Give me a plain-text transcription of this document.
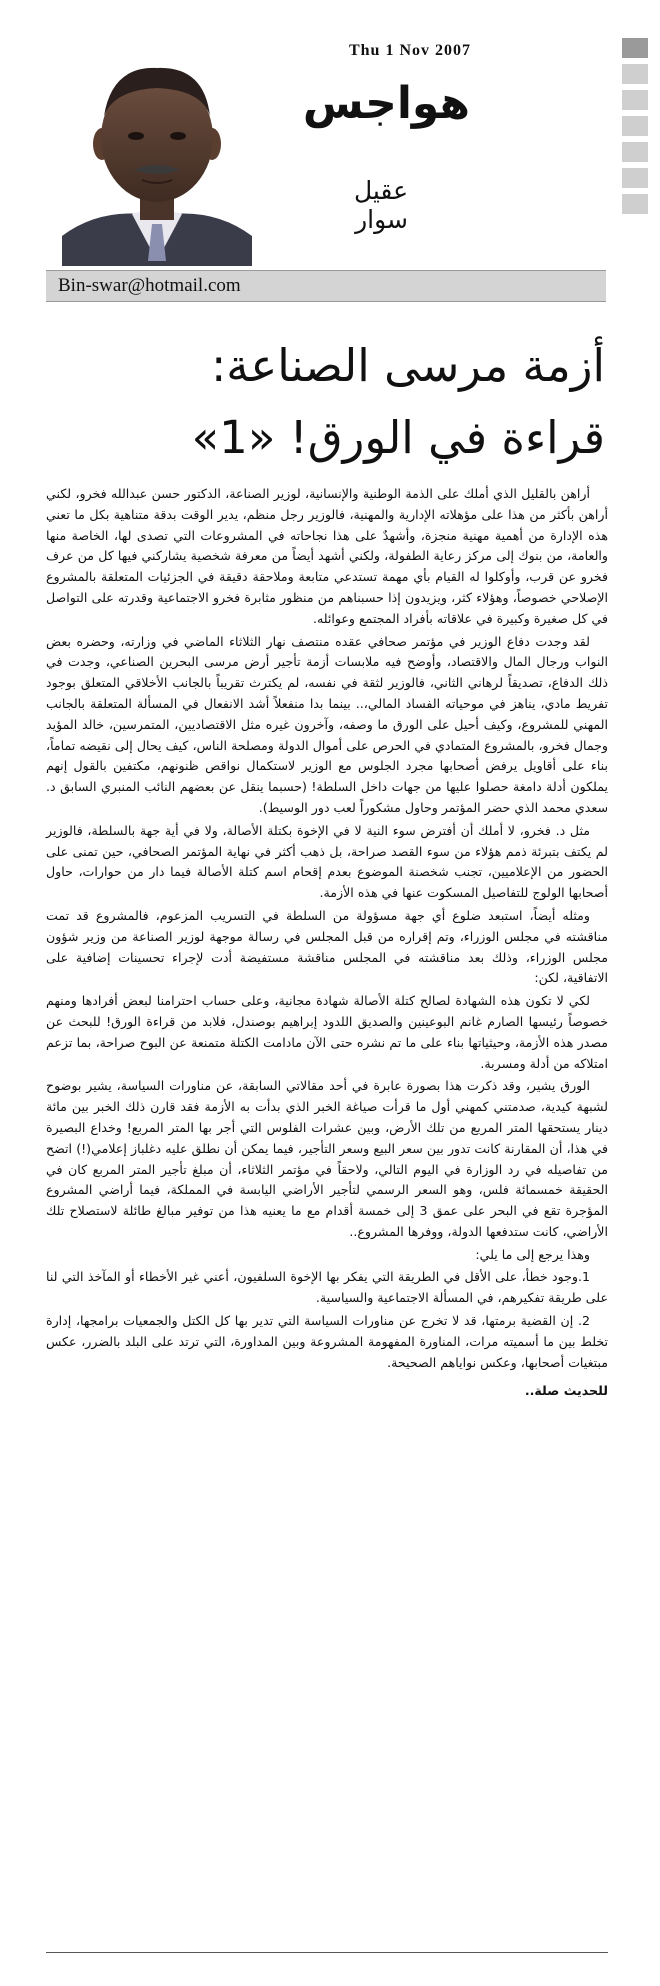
Thu 1 Nov 2007
هواجس
عقيل سوار
Bin-swar@hotmail.com
أزمة مرسى الصناعة:
قراءة في الورق! «1»

أراهن بالقليل الذي أملك على الذمة الوطنية والإنسانية، لوزير الصناعة، الدكتور حسن عبدالله فخرو، لكني أراهن بأكثر من هذا على مؤهلاته الإدارية والمهنية، فالوزير رجل منظم، يدير الوقت بدقة متناهية بكل ما تعني هذه الإدارة من أهمية مهنية منجزة، وأشهدٌ على هذا نجاحاته في المشروعات التي تصدى لها، الخاصة منها والعامة، من بنوك إلى مركز رعاية الطفولة، ولكني أشهد أيضاً من معرفة شخصية يشاركني فيها كل من عرف فخرو عن قرب، وأوكلوا له القيام بأي مهمة تستدعي متابعة وملاحقة دقيقة في الجزئيات المتعلقة بالمشروع الإصلاحي خصوصاً، وهؤلاء كثر، ويزيدون إذا حسبناهم من منظور مثابرة فخرو الاجتماعية وقدرته على التواصل في كل صغيرة وكبيرة في علاقاته بأفراد المجتمع وعوائله.

لقد وجدت دفاع الوزير في مؤتمر صحافي عقده منتصف نهار الثلاثاء الماضي في وزارته، وحضره بعض النواب ورجال المال والاقتصاد، وأوضح فيه ملابسات أزمة تأجير أرض مرسى البحرين الصناعي، وجدت في ذلك الدفاع، تصديقاً لرهاني الثاني، فالوزير لثقة في نفسه، لم يكترث تقريباً بالجانب الأخلاقي المتعلق بوجود تفريط مادي، يناهز في موحياته الفساد المالي،.. بينما بدا منفعلاً أشد الانفعال في المسألة المتعلقة بالجانب المهني للمشروع، وكيف أحيل على الورق ما وصفه، وآخرون غيره مثل الاقتصاديين، المتمرسين، خالد المؤيد وجمال فخرو، بالمشروع المتمادي في الحرص على أموال الدولة ومصلحة الناس، كيف يحال إلى نقيضه تماماً، بناء على أقاويل يرفض أصحابها مجرد الجلوس مع الوزير لاستكمال نواقص ظنونهم، مكتفين بالقول إنهم يملكون أدلة دامغة حصلوا عليها من جهات داخل السلطة! (حسبما ينقل عن بعضهم النائب المنبري السابق د. سعدي محمد الذي حضر المؤتمر وحاول مشكوراً لعب دور الوسيط).

مثل د. فخرو، لا أملك أن أفترض سوء النية لا في الإخوة بكتلة الأصالة، ولا في أية جهة بالسلطة، فالوزير لم يكتف بتبرئة ذمم هؤلاء من سوء القصد صراحة، بل ذهب أكثر في نهاية المؤتمر الصحافي، حين تمنى على الحضور من الإعلاميين، تجنب شخصنة الموضوع بعدم إقحام اسم كتلة الأصالة فيما دار من حوارات، حاول أصحابها الولوج للتفاصيل المسكوت عنها في هذه الأزمة.

ومثله أيضاً، استبعد ضلوع أي جهة مسؤولة من السلطة في التسريب المزعوم، فالمشروع قد تمت مناقشته في مجلس الوزراء، وتم إقراره من قبل المجلس في رسالة موجهة لوزير الصناعة من وزير شؤون مجلس الوزراء، وذلك بعد مناقشته في المجلس مناقشة مستفيضة أدت لإجراء تحسينات إضافية على الاتفاقية، لكن:

لكي لا تكون هذه الشهادة لصالح كتلة الأصالة شهادة مجانية، وعلى حساب احترامنا لبعض أفرادها ومنهم خصوصاً رئيسها الصارم غانم البوعينين والصديق اللدود إبراهيم بوصندل، فلابد من قراءة الورق! للبحث عن مصدر هذه الأزمة، وحيثياتها بناء على ما تم نشره حتى الآن مادامت الكتلة متمنعة عن البوح صراحة، بما تزعم امتلاكه من أدلة ومسربة.

الورق يشير، وقد ذكرت هذا بصورة عابرة في أحد مقالاتي السابقة، عن مناورات السياسة، يشير بوضوح لشبهة كيدية، صدمتني كمهني أول ما قرأت صياغة الخبر الذي بدأت به الأزمة فقد قارن ذلك الخبر بين مائة دينار يستحقها المتر المربع من تلك الأرض، وبين عشرات الفلوس التي أجر بها المتر المربع! وخداع البصيرة في هذا، أن المقارنة كانت تدور بين سعر البيع وسعر التأجير، فيما يمكن أن نطلق عليه دغلباز إعلامي(!) اتضح من تفاصيله في رد الوزارة في اليوم التالي، ولاحقاً في مؤتمر الثلاثاء، أن مبلغ تأجير المتر المربع كان في الحقيقة خمسمائة فلس، وهو السعر الرسمي لتأجير الأراضي اليابسة في المملكة، فيما أراضي المشروع المؤجرة تقع في البحر على عمق 3 إلى خمسة أقدام مع ما يعنيه هذا من توفير مبالغ طائلة لاستصلاح تلك الأراضي، كانت ستدفعها الدولة، ووفرها المشروع..

وهذا يرجع إلى ما يلي:

1.وجود خطأ، على الأقل في الطريقة التي يفكر بها الإخوة السلفيون، أعني غير الأخطاء أو المآخذ التي لنا على طريقة تفكيرهم، في المسألة الاجتماعية والسياسية.

2. إن القضية برمتها، قد لا تخرج عن مناورات السياسة التي تدير بها كل الكتل والجمعيات برامجها، إدارة تخلط بين ما أسميته مرات، المناورة المفهومة المشروعة وبين المداورة، التي ترتد على البلد بالضرر، عكس مبتغيات أصحابها، وعكس نواياهم الصحيحة.

للحديث صلة..
